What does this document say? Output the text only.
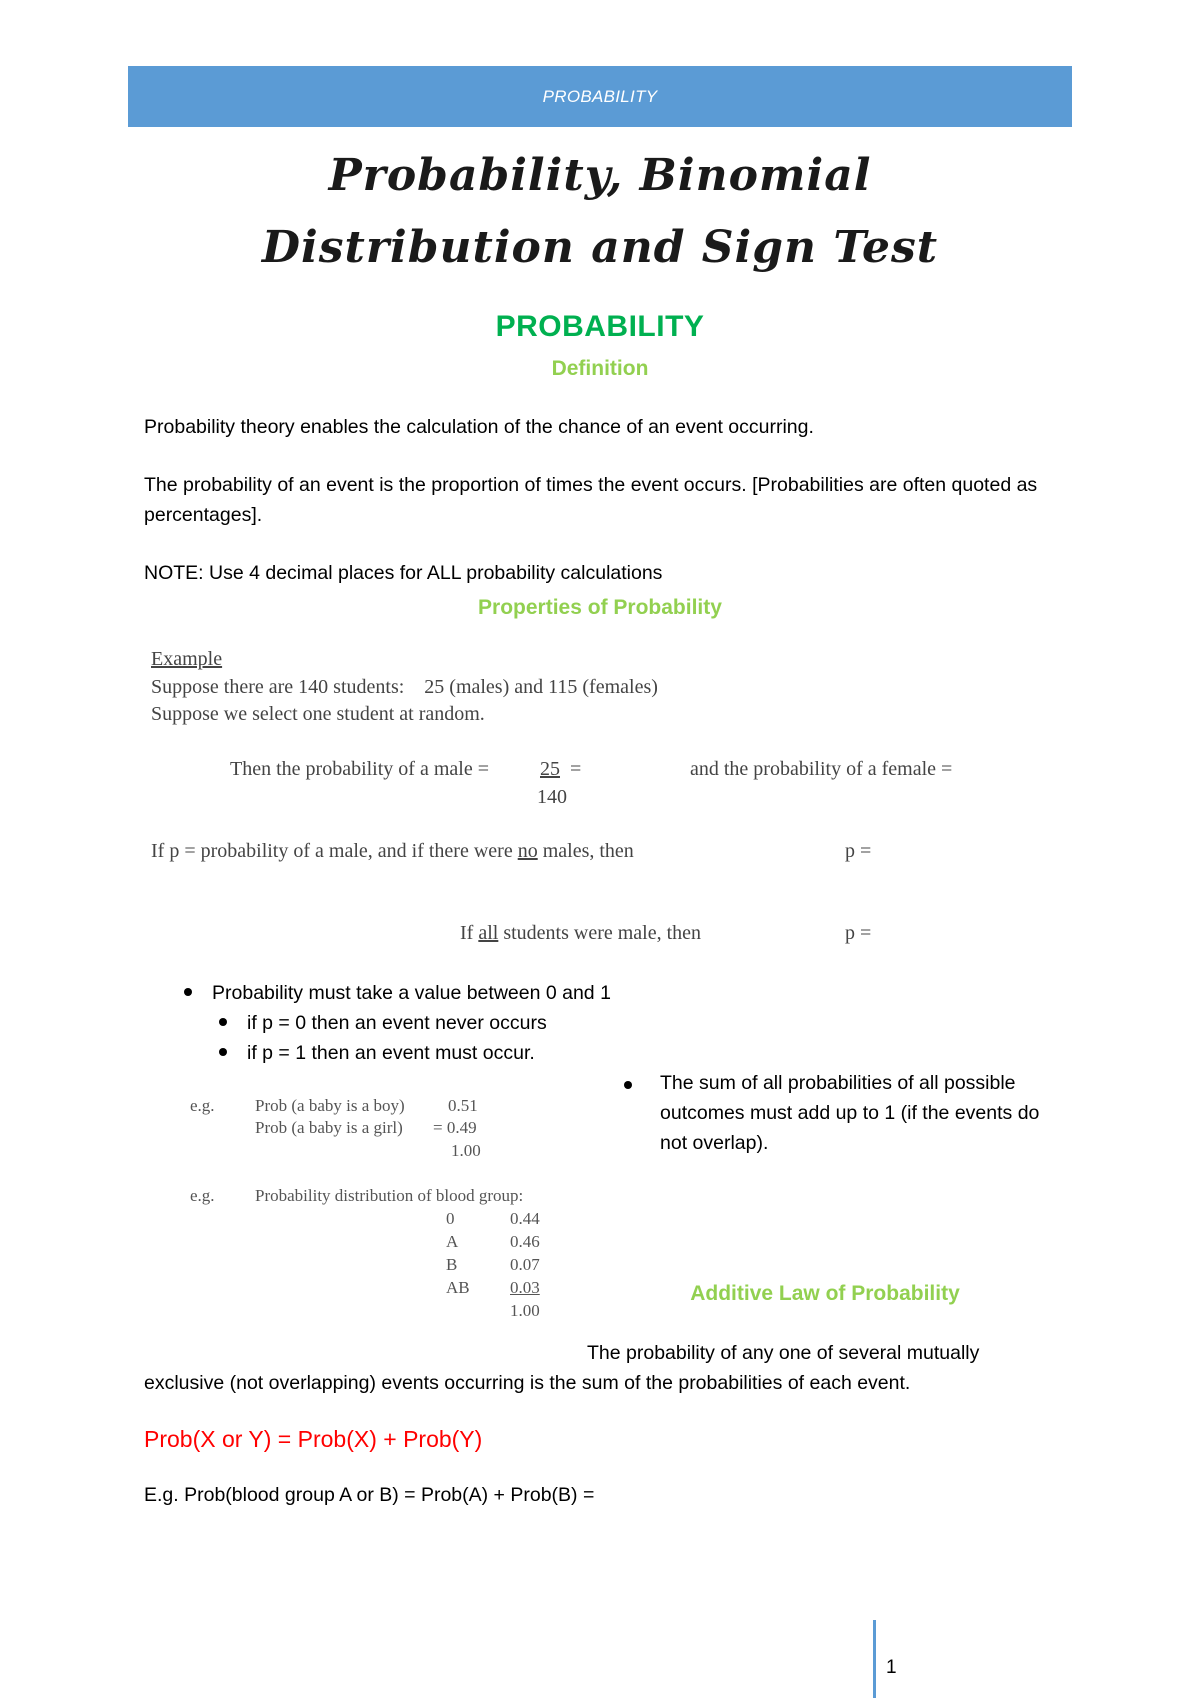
PROBABILITY
Probability, Binomial
Distribution and Sign Test
PROBABILITY
Definition
Probability theory enables the calculation of the chance of an event occurring.
The probability of an event is the proportion of times the event occurs. [Probabilities are often quoted as percentages].
NOTE: Use 4 decimal places for ALL probability calculations
Properties of Probability
Example
Suppose there are 140 students:    25 (males) and 115 (females)
Suppose we select one student at random.
Then the probability of a male =	25 =
140
and the probability of a female =
If p = probability of a male, and if there were no males, then	p =
If all students were male, then	p =
Probability must take a value between 0 and 1
if p = 0 then an event never occurs
if p = 1 then an event must occur.
The sum of all probabilities of all possible outcomes must add up to 1 (if the events do not overlap).
e.g. Prob (a baby is a boy)	0.51
Prob (a baby is a girl) = 0.49
1.00
e.g. Probability distribution of blood group:
0	0.44
A	0.46
B	0.07
AB	0.03
1.00
Additive Law of Probability
The probability of any one of several mutually
exclusive (not overlapping) events occurring is the sum of the probabilities of each event.
Prob(X or Y) = Prob(X) + Prob(Y)
E.g. Prob(blood group A or B) = Prob(A) + Prob(B) =
1
